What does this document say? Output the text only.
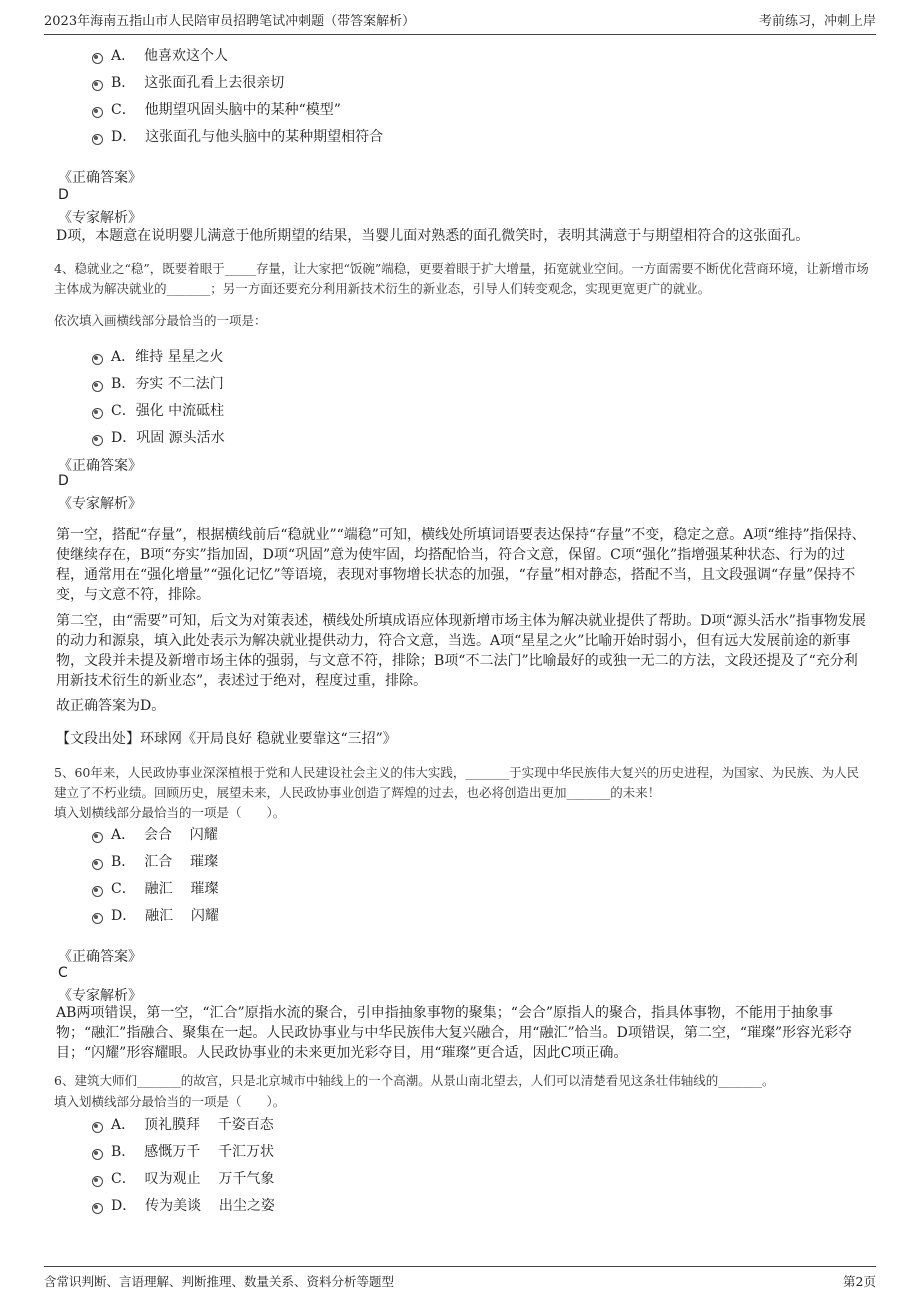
2023年海南五指山市人民陪审员招聘笔试冲刺题（带答案解析）	考前练习，冲刺上岸
A．  他喜欢这个人
B．  这张面孔看上去很亲切
C．  他期望巩固头脑中的某种“模型”
D．  这张面孔与他头脑中的某种期望相符合
《正确答案》
D
《专家解析》
D项，本题意在说明婴儿满意于他所期望的结果，当婴儿面对熟悉的面孔微笑时，表明其满意于与期望相符合的这张面孔。
4、稳就业之“稳”，既要着眼于_____存量，让大家把“饭碗”端稳，更要着眼于扩大增量，拓宽就业空间。一方面需要不断优化营商环境，让新增市场主体成为解决就业的_______；另一方面还要充分利用新技术衍生的新业态，引导人们转变观念，实现更宽更广的就业。
依次填入画横线部分最恰当的一项是：
A．维持 星星之火
B．夯实 不二法门
C．强化 中流砥柱
D．巩固 源头活水
《正确答案》
D
《专家解析》
第一空，搭配“存量”，根据横线前后“稳就业”“端稳”可知，横线处所填词语要表达保持“存量”不变，稳定之意。A项“维持”指保持、使继续存在，B项“夯实”指加固，D项“巩固”意为使牢固，均搭配恰当，符合文意，保留。C项“强化”指增强某种状态、行为的过程，通常用在“强化增量”“强化记忆”等语境，表现对事物增长状态的加强，“存量”相对静态，搭配不当，且文段强调“存量”保持不变，与文意不符，排除。
第二空，由“需要”可知，后文为对策表述，横线处所填成语应体现新增市场主体为解决就业提供了帮助。D项“源头活水”指事物发展的动力和源泉，填入此处表示为解决就业提供动力，符合文意，当选。A项“星星之火”比喻开始时弱小，但有远大发展前途的新事物，文段并未提及新增市场主体的强弱，与文意不符，排除；B项“不二法门”比喻最好的或独一无二的方法，文段还提及了“充分利用新技术衍生的新业态”，表述过于绝对，程度过重，排除。
故正确答案为D。
【文段出处】环球网《开局良好 稳就业要靠这“三招”》
5、60年来，人民政协事业深深植根于党和人民建设社会主义的伟大实践，_______于实现中华民族伟大复兴的历史进程，为国家、为民族、为人民建立了不朽业绩。回顾历史，展望未来，人民政协事业创造了辉煌的过去，也必将创造出更加_______的未来！
填入划横线部分最恰当的一项是（　　）。
A．  会合    闪耀
B．  汇合    璀璨
C．  融汇    璀璨
D．  融汇    闪耀
《正确答案》
C
《专家解析》
AB两项错误，第一空，“汇合”原指水流的聚合，引申指抽象事物的聚集；“会合”原指人的聚合，指具体事物，不能用于抽象事物；“融汇”指融合、聚集在一起。人民政协事业与中华民族伟大复兴融合，用“融汇”恰当。D项错误，第二空，“璀璨”形容光彩夺目；“闪耀”形容耀眼。人民政协事业的未来更加光彩夺目，用“璀璨”更合适，因此C项正确。
6、建筑大师们_______的故宫，只是北京城市中轴线上的一个高潮。从景山南北望去，人们可以清楚看见这条壮伟轴线的_______。
填入划横线部分最恰当的一项是（　　）。
A．  顶礼膜拜    千姿百态
B．  感慨万千    千汇万状
C．  叹为观止    万千气象
D．  传为美谈    出尘之姿
含常识判断、言语理解、判断推理、数量关系、资料分析等题型	第2页
